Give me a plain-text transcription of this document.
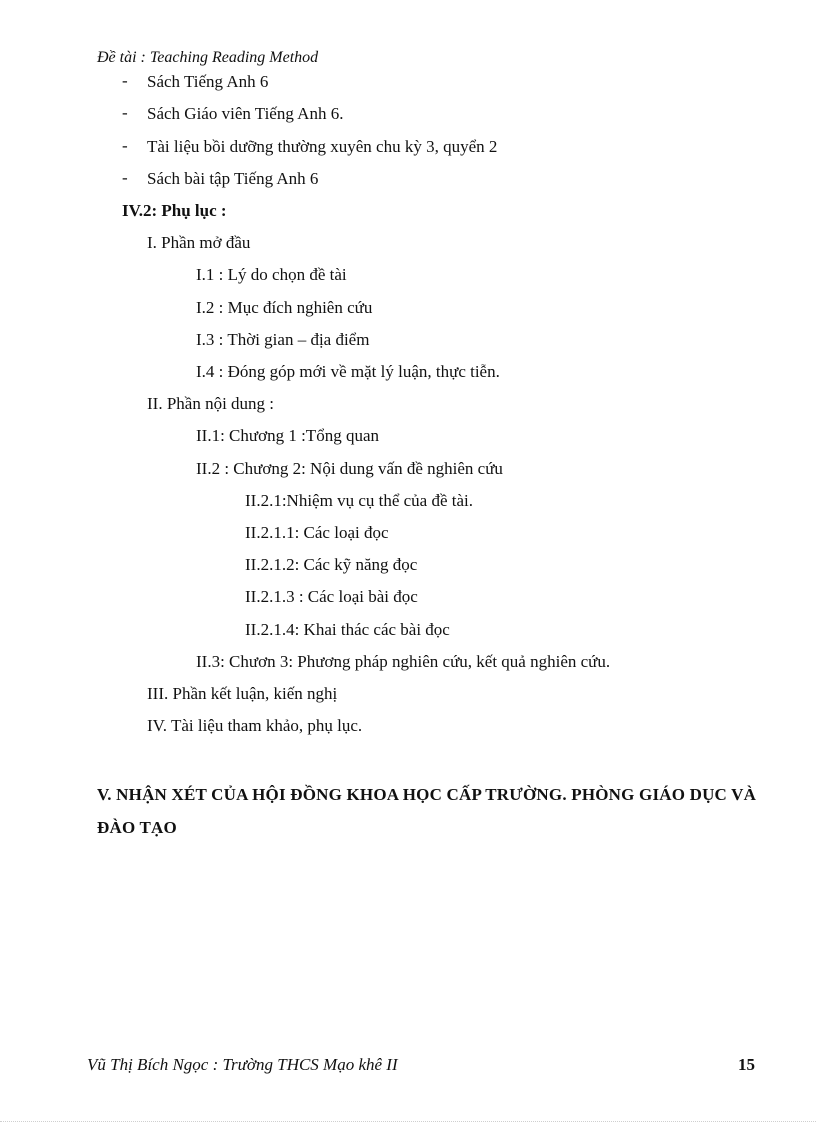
Đề tài : Teaching Reading Method
- Sách Tiếng Anh 6
- Sách Giáo viên Tiếng Anh 6.
- Tài liệu bồi dưỡng thường xuyên chu kỳ 3, quyển 2
- Sách bài tập Tiếng Anh 6
IV.2: Phụ lục :
I. Phần mở đầu
I.1 : Lý do chọn đề tài
I.2 : Mục đích nghiên cứu
I.3 : Thời gian – địa điểm
I.4 : Đóng góp mới về mặt lý luận, thực tiễn.
II. Phần nội dung :
II.1: Chương 1 :Tổng quan
II.2 : Chương 2: Nội dung vấn đề nghiên cứu
II.2.1:Nhiệm vụ cụ thể của đề tài.
II.2.1.1: Các loại đọc
II.2.1.2: Các kỹ năng đọc
II.2.1.3 : Các loại bài đọc
II.2.1.4: Khai thác các bài đọc
II.3: Chươn 3: Phương pháp nghiên cứu, kết quả nghiên cứu.
III. Phần kết luận, kiến nghị
IV. Tài liệu tham khảo, phụ lục.
V. NHẬN XÉT CỦA HỘI ĐỒNG KHOA HỌC CẤP TRƯỜNG. PHÒNG GIÁO DỤC VÀ ĐÀO TẠO
Vũ Thị Bích Ngọc : Trường THCS Mạo khê II	15
